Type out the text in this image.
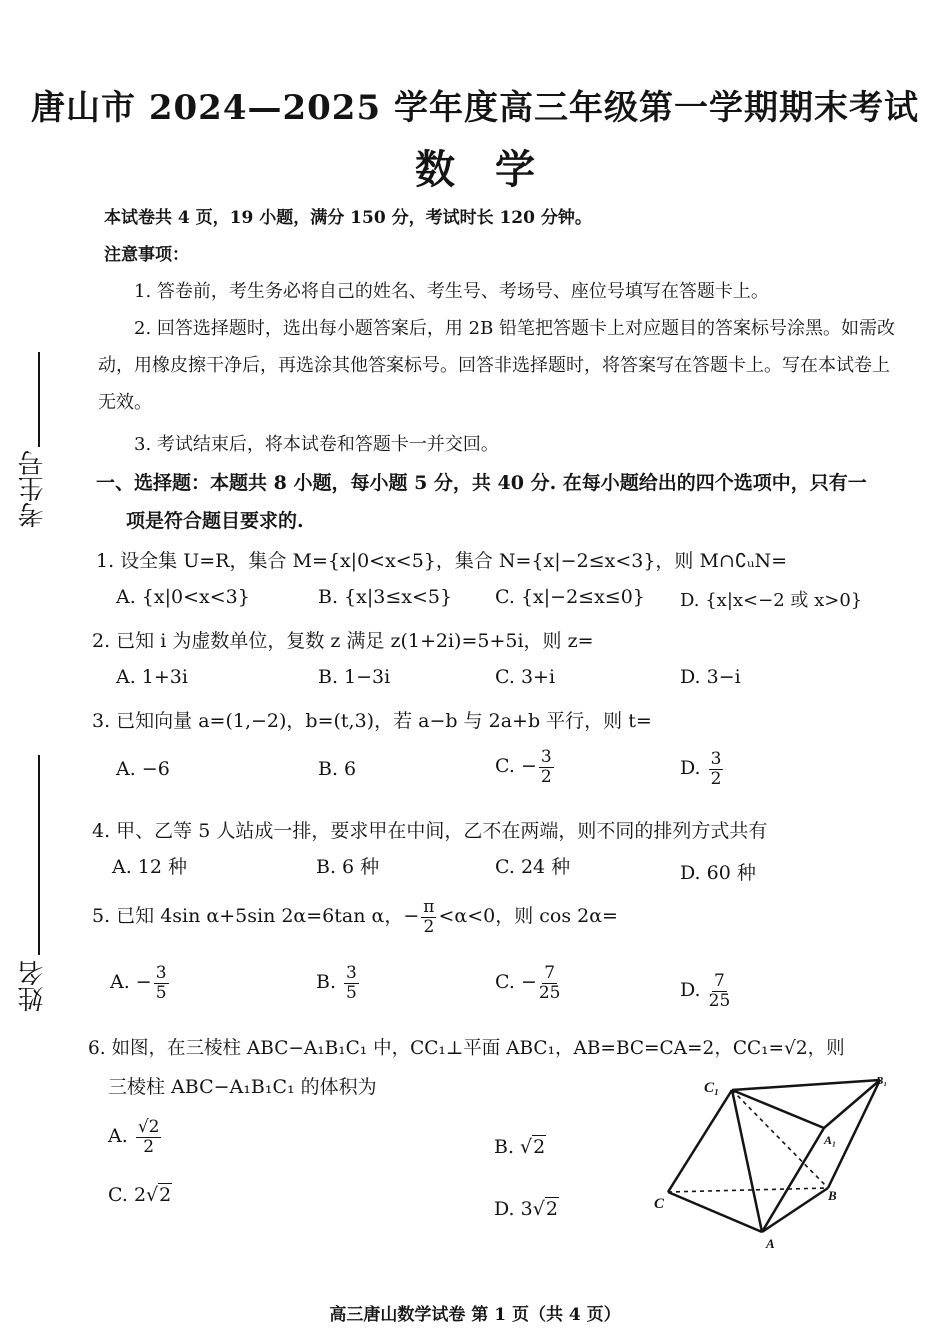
唐山市 2024—2025 学年度高三年级第一学期期末考试
数学
本试卷共 4 页，19 小题，满分 150 分，考试时长 120 分钟。
注意事项：
1. 答卷前，考生务必将自己的姓名、考生号、考场号、座位号填写在答题卡上。
2. 回答选择题时，选出每小题答案后，用 2B 铅笔把答题卡上对应题目的答案标号涂黑。如需改
动，用橡皮擦干净后，再选涂其他答案标号。回答非选择题时，将答案写在答题卡上。写在本试卷上
无效。
3. 考试结束后，将本试卷和答题卡一并交回。
考生号
姓名
一、选择题：本题共 8 小题，每小题 5 分，共 40 分. 在每小题给出的四个选项中，只有一
项是符合题目要求的.
1. 设全集 U=R，集合 M={x|0<x<5}，集合 N={x|−2≤x<3}，则 M∩∁ᵤN=
A. {x|0<x<3}	B. {x|3≤x<5} C. {x|−2≤x≤0} D. {x|x<−2 或 x>0}
2. 已知 i 为虚数单位，复数 z 满足 z(1+2i)=5+5i，则 z=
A. 1+3i	B. 1−3i	C. 3+i	D. 3−i
3. 已知向量 a=(1,−2)，b=(t,3)，若 a−b 与 2a+b 平行，则 t=
A. −6	B. 6	C. − $\frac{3}{2}$	D. $\frac{3}{2}$
4. 甲、乙等 5 人站成一排，要求甲在中间，乙不在两端，则不同的排列方式共有
A. 12 种	B. 6 种	C. 24 种	D. 60 种
5. 已知 4sin α+5sin 2α=6tan α，− $\frac{\pi}{2} <\alpha<0$，则 cos 2α=
A. − $\frac{3}{5}$	B. $\frac{3}{5}$	C. − $\frac{7}{25}$	D. $\frac{7}{25}$
6. 如图，在三棱柱 ABC−A₁B₁C₁ 中，CC₁⊥平面 ABC₁，AB=BC=CA=2，CC₁=√2，则
三棱柱 ABC−A₁B₁C₁ 的体积为
A. $\frac{√2}{2}$	B. √2
C. 2√2
D. 3√2
C₁	B₁
A₁
C
B
A
高三唐山数学试卷 第 1 页（共 4 页）
